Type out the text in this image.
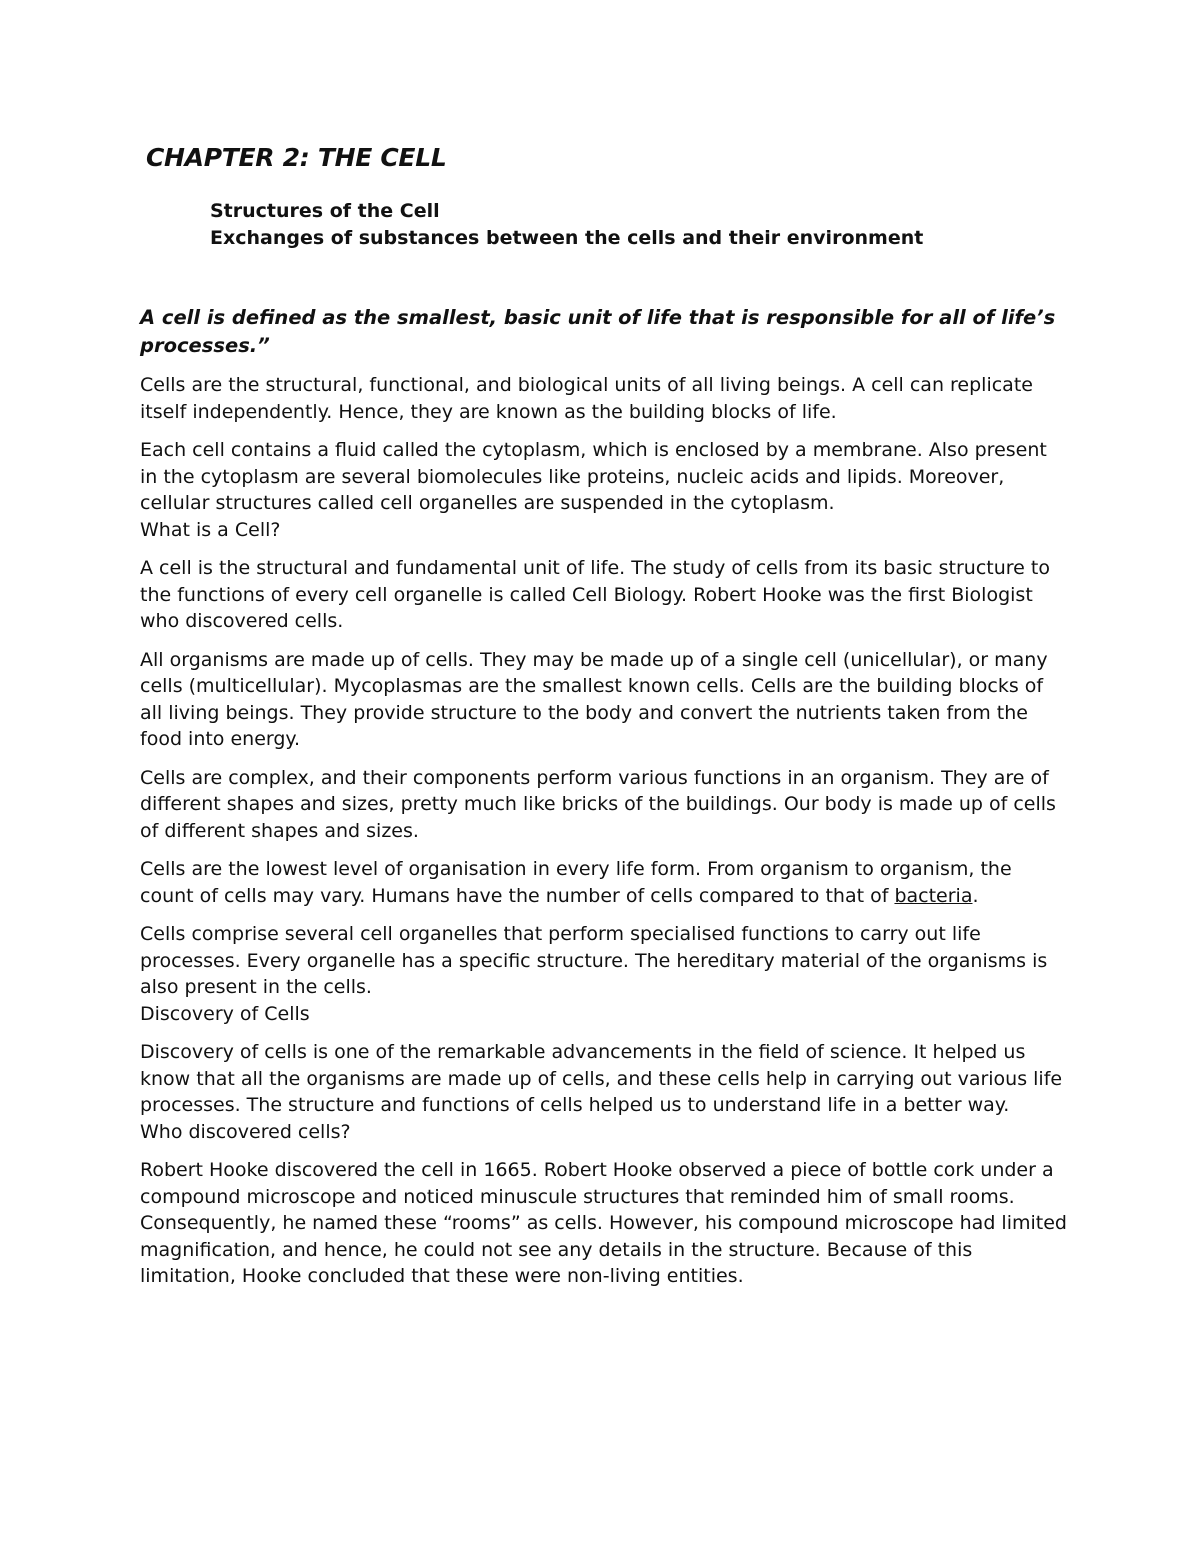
CHAPTER 2: THE CELL
Structures of the Cell
Exchanges of substances between the cells and their environment
A cell is defined as the smallest, basic unit of life that is responsible for all of life’s processes.”

Cells are the structural, functional, and biological units of all living beings. A cell can replicate itself independently. Hence, they are known as the building blocks of life.

Each cell contains a fluid called the cytoplasm, which is enclosed by a membrane. Also present in the cytoplasm are several biomolecules like proteins, nucleic acids and lipids. Moreover, cellular structures called cell organelles are suspended in the cytoplasm.

What is a Cell?

A cell is the structural and fundamental unit of life. The study of cells from its basic structure to the functions of every cell organelle is called Cell Biology. Robert Hooke was the first Biologist who discovered cells.

All organisms are made up of cells. They may be made up of a single cell (unicellular), or many cells (multicellular). Mycoplasmas are the smallest known cells. Cells are the building blocks of all living beings. They provide structure to the body and convert the nutrients taken from the food into energy.

Cells are complex, and their components perform various functions in an organism. They are of different shapes and sizes, pretty much like bricks of the buildings. Our body is made up of cells of different shapes and sizes.

Cells are the lowest level of organisation in every life form. From organism to organism, the count of cells may vary. Humans have the number of cells compared to that of bacteria.

Cells comprise several cell organelles that perform specialised functions to carry out life processes. Every organelle has a specific structure. The hereditary material of the organisms is also present in the cells.

Discovery of Cells

Discovery of cells is one of the remarkable advancements in the field of science. It helped us know that all the organisms are made up of cells, and these cells help in carrying out various life processes. The structure and functions of cells helped us to understand life in a better way.

Who discovered cells?

Robert Hooke discovered the cell in 1665. Robert Hooke observed a piece of bottle cork under a compound microscope and noticed minuscule structures that reminded him of small rooms. Consequently, he named these “rooms” as cells. However, his compound microscope had limited magnification, and hence, he could not see any details in the structure. Because of this limitation, Hooke concluded that these were non-living entities.
